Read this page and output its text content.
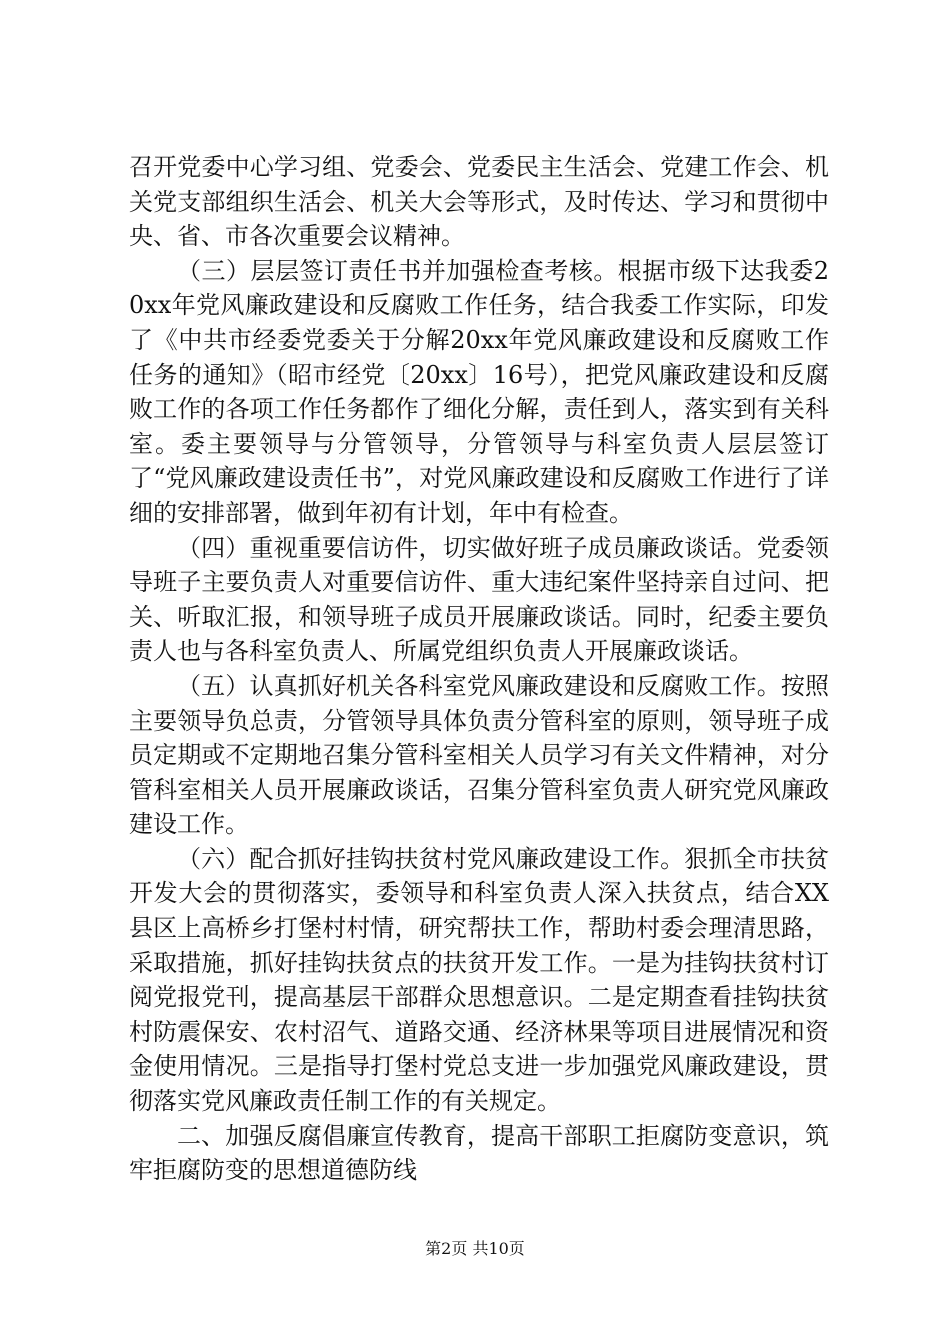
召开党委中心学习组、党委会、党委民主生活会、党建工作会、机关党支部组织生活会、机关大会等形式，及时传达、学习和贯彻中央、省、市各次重要会议精神。

（三）层层签订责任书并加强检查考核。根据市级下达我委20xx年党风廉政建设和反腐败工作任务，结合我委工作实际，印发了《中共市经委党委关于分解20xx年党风廉政建设和反腐败工作任务的通知》（昭市经党〔20xx〕16号），把党风廉政建设和反腐败工作的各项工作任务都作了细化分解，责任到人，落实到有关科室。委主要领导与分管领导，分管领导与科室负责人层层签订了“党风廉政建设责任书”，对党风廉政建设和反腐败工作进行了详细的安排部署，做到年初有计划，年中有检查。

（四）重视重要信访件，切实做好班子成员廉政谈话。党委领导班子主要负责人对重要信访件、重大违纪案件坚持亲自过问、把关、听取汇报，和领导班子成员开展廉政谈话。同时，纪委主要负责人也与各科室负责人、所属党组织负责人开展廉政谈话。

（五）认真抓好机关各科室党风廉政建设和反腐败工作。按照主要领导负总责，分管领导具体负责分管科室的原则，领导班子成员定期或不定期地召集分管科室相关人员学习有关文件精神，对分管科室相关人员开展廉政谈话，召集分管科室负责人研究党风廉政建设工作。

（六）配合抓好挂钩扶贫村党风廉政建设工作。狠抓全市扶贫开发大会的贯彻落实，委领导和科室负责人深入扶贫点，结合XX县区上高桥乡打堡村村情，研究帮扶工作，帮助村委会理清思路，采取措施，抓好挂钩扶贫点的扶贫开发工作。一是为挂钩扶贫村订阅党报党刊，提高基层干部群众思想意识。二是定期查看挂钩扶贫村防震保安、农村沼气、道路交通、经济林果等项目进展情况和资金使用情况。三是指导打堡村党总支进一步加强党风廉政建设，贯彻落实党风廉政责任制工作的有关规定。

二、加强反腐倡廉宣传教育，提高干部职工拒腐防变意识，筑牢拒腐防变的思想道德防线

第2页 共10页
